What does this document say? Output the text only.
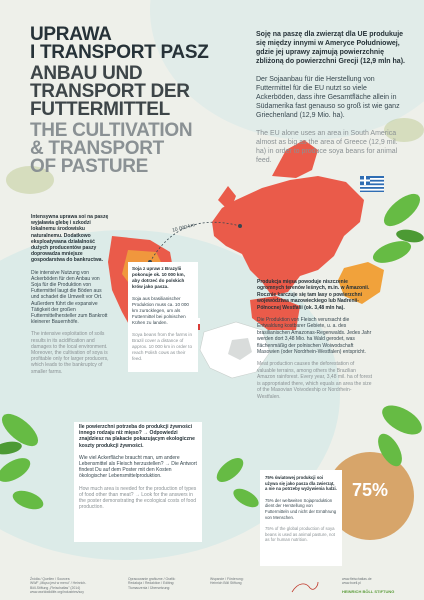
UPRAWA
I TRANSPORT PASZ
ANBAU UND
TRANSPORT DER
FUTTERMITTEL
THE CULTIVATION
& TRANSPORT
OF PASTURE

Soję na paszę dla zwierząt dla UE produkuje się między innymi w Ameryce Południowej, gdzie jej uprawy zajmują powierzchnię zbliżoną do powierzchni Grecji (12,9 mln ha).

Der Sojaanbau für die Herstellung von Futtermittel für die EU nutzt so viele Ackerböden, dass ihre Gesamtfläche allein in Südamerika fast genauso so groß ist wie ganz Griechenland (12,9 Mio. ha).

The EU alone uses an area in South America almost as big as the area of Greece (12,9 mil. ha) in order to produce soya beans for animal feed.

Intensywna uprawa soi na paszę wyjaławia glebę i szkodzi lokalnemu środowisku naturalnemu. Dodatkowo eksploatywana działalność dużych producentów paszy doprowadza mniejsze gospodarstwa do bankructwa.

Die intensive Nutzung von Ackerböden für den Anbau von Soja für die Produktion von Futtermittel laugt die Böden aus und schadet die Umwelt vor Ort. Außerdem führt die expansive Tätigkeit der großen Futtermittelhersteller zum Bankrott kleinerer Bauernhöfe.

The intensive exploitation of soils results in its acidification and damages to the local environment. Moreover, the cultivation of soya is profitable only for larger producers, which leads to the bankruptcy of smaller farms.

10 000 km

Soja z upraw z Brazylii pokonuje ok. 10 000 km, aby dotrzeć do polskich krów jako pasza.

Soja aus brasilianischer Produktion muss ca. 10 000 km zurücklegen, um als Futtermittel bei polnischen Kühen zu landen.

Soya beans from the farms in Brazil cover a distance of approx. 10 000 km in order to reach Polish cows as their feed.

Produkcja mięsa powoduje niszczenie ogromnych terenów leśnych, m.in. w Amazonii. Rocznie karczuje się tam lasy o powierzchni województwa mazowieckiego lub Nadrenii-Północnej Westfalii (ok. 3,48 mln ha).

Die Produktion von Fleisch verursacht die Entwaldung kostbarer Gebiete, u. a. des brasilianischen Amazonas-Regenwalds. Jedes Jahr werden dort 3,48 Mio. ha Wald gerodet, was flächenmäßig der polnischen Woiwodschaft Masowien (oder Nordrhein-Westfalen) entspricht.

Meat production causes the deforestation of valuable terrains, among others the Brazilian Amazon rainforest. Every year, 3,48 mil. ha of forest is appropriated there, which equals an area the size of the Masovian Voivodeship or Nordrhein-Westfalen.

Ile powierzchni potrzeba do produkcji żywności innego rodzaju niż mięso? → Odpowiedzi znajdziesz na plakacie pokazującym ekologiczne koszty produkcji żywności.

Wie viel Ackerfläche braucht man, um andere Lebensmittel als Fleisch herzustellen? → Die Antwort findest Du auf dem Poster mit den Kosten ökologischer Lebensmittelproduktion.

How much area is needed for the production of types of food other than meat? → Look for the answers in the poster demonstrating the ecological costs of food production.

75% światowej produkcji soi używa się jako pasza dla zwierząt, a nie na potrzeby wyżywienia ludzi.

75% der weltweiten Sojaproduktion dient der Herstellung von Futtermitteln und nicht der Ernährung von Menschen.

75% of the global production of soya beans is used as animal pasture, not as for human nutrition.

75%
Źródła / Quellen / Sources:
WWF „Mięso jest w menu" / Heinrich-Böll-Stiftung „Fleischatlas" (2014)
www.worldwildlife.org/industries/soy
Opracowanie graficzne / Grafik:
Redakcja / Redaktion / Editing:
Tłumaczenia / Übersetzung:
Wsparcie / Förderung:
Heinrich Böll Stiftung
www.fleischatlas.de
www.boell.pl
HEINRICH BÖLL STIFTUNG
